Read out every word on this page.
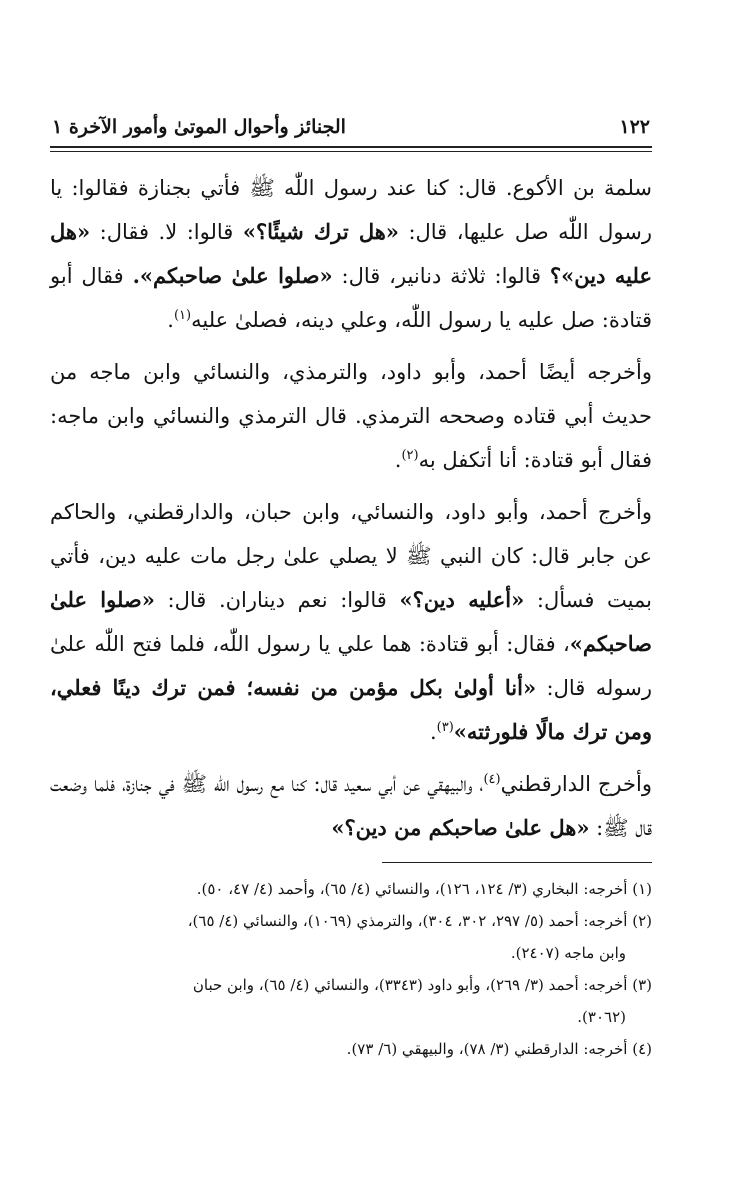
١٢٢
الجنائز وأحوال الموتىٰ وأمور الآخرة ١

سلمة بن الأكوع. قال: كنا عند رسول اللّٰه ﷺ فأتي بجنازة فقالوا: يا رسول اللّٰه صل عليها، قال: «هل ترك شيئًا؟» قالوا: لا. فقال: «هل عليه دين»؟ قالوا: ثلاثة دنانير، قال: «صلوا علىٰ صاحبكم». فقال أبو قتادة: صل عليه يا رسول اللّٰه، وعلي دينه، فصلىٰ عليه$^{(١)}$.

وأخرجه أيضًا أحمد، وأبو داود، والترمذي، والنسائي وابن ماجه من حديث أبي قتاده وصححه الترمذي. قال الترمذي والنسائي وابن ماجه: فقال أبو قتادة: أنا أتكفل به$^{(٢)}$.

وأخرج أحمد، وأبو داود، والنسائي، وابن حبان، والدارقطني، والحاكم عن جابر قال: كان النبي ﷺ لا يصلي علىٰ رجل مات عليه دين، فأتي بميت فسأل: «أعليه دين؟» قالوا: نعم ديناران. قال: «صلوا علىٰ صاحبكم»، فقال: أبو قتادة: هما علي يا رسول اللّٰه، فلما فتح اللّٰه علىٰ رسوله قال: «أنا أولىٰ بكل مؤمن من نفسه؛ فمن ترك دينًا فعلي، ومن ترك مالًا فلورثته»$^{(٣)}$.

وأخرج الدارقطني$^{(٤)}$، والبيهقي عن أبي سعيد قال: كنا مع رسول اللّٰه ﷺ في جنازة، فلما وضعت قال ﷺ: «هل علىٰ صاحبكم من دين؟»

(١) أخرجه: البخاري (٣/ ١٢٤، ١٢٦)، والنسائي (٤/ ٦٥)، وأحمد (٤/ ٤٧، ٥٠).

(٢) أخرجه: أحمد (٥/ ٢٩٧، ٣٠٢، ٣٠٤)، والترمذي (١٠٦٩)، والنسائي (٤/ ٦٥)،

وابن ماجه (٢٤٠٧).

(٣) أخرجه: أحمد (٣/ ٢٦٩)، وأبو داود (٣٣٤٣)، والنسائي (٤/ ٦٥)، وابن حبان

(٣٠٦٢).

(٤) أخرجه: الدارقطني (٣/ ٧٨)، والبيهقي (٦/ ٧٣).
